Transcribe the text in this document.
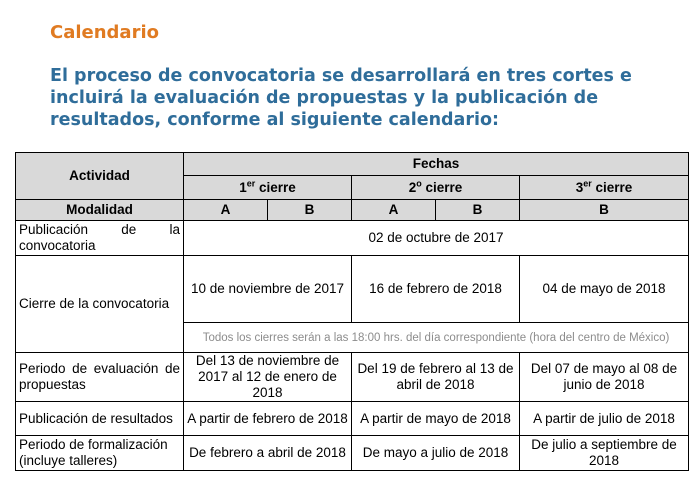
Calendario
El proceso de convocatoria se desarrollará en tres cortes e incluirá la evaluación de propuestas y la publicación de resultados, conforme al siguiente calendario:
Actividad	Fechas				
	1er cierre		2$^o$ cierre		3er cierre
Modalidad	A	B	A	B	B
Publicación de la convocatoria	02 de octubre de 2017				
Cierre de la convocatoria	10 de noviembre de 2017		16 de febrero de 2018		04 de mayo de 2018
	Todos los cierres serán a las 18:00 hrs. del día correspondiente (hora del centro de México)				
Periodo de evaluación de propuestas	Del 13 de noviembre de 2017 al 12 de enero de 2018		Del 19 de febrero al 13 de abril de 2018		Del 07 de mayo al 08 de junio de 2018
Publicación de resultados	A partir de febrero de 2018		A partir de mayo de 2018		A partir de julio de 2018
Periodo de formalización (incluye talleres)	De febrero a abril de 2018		De mayo a julio de 2018		De julio a septiembre de 2018
